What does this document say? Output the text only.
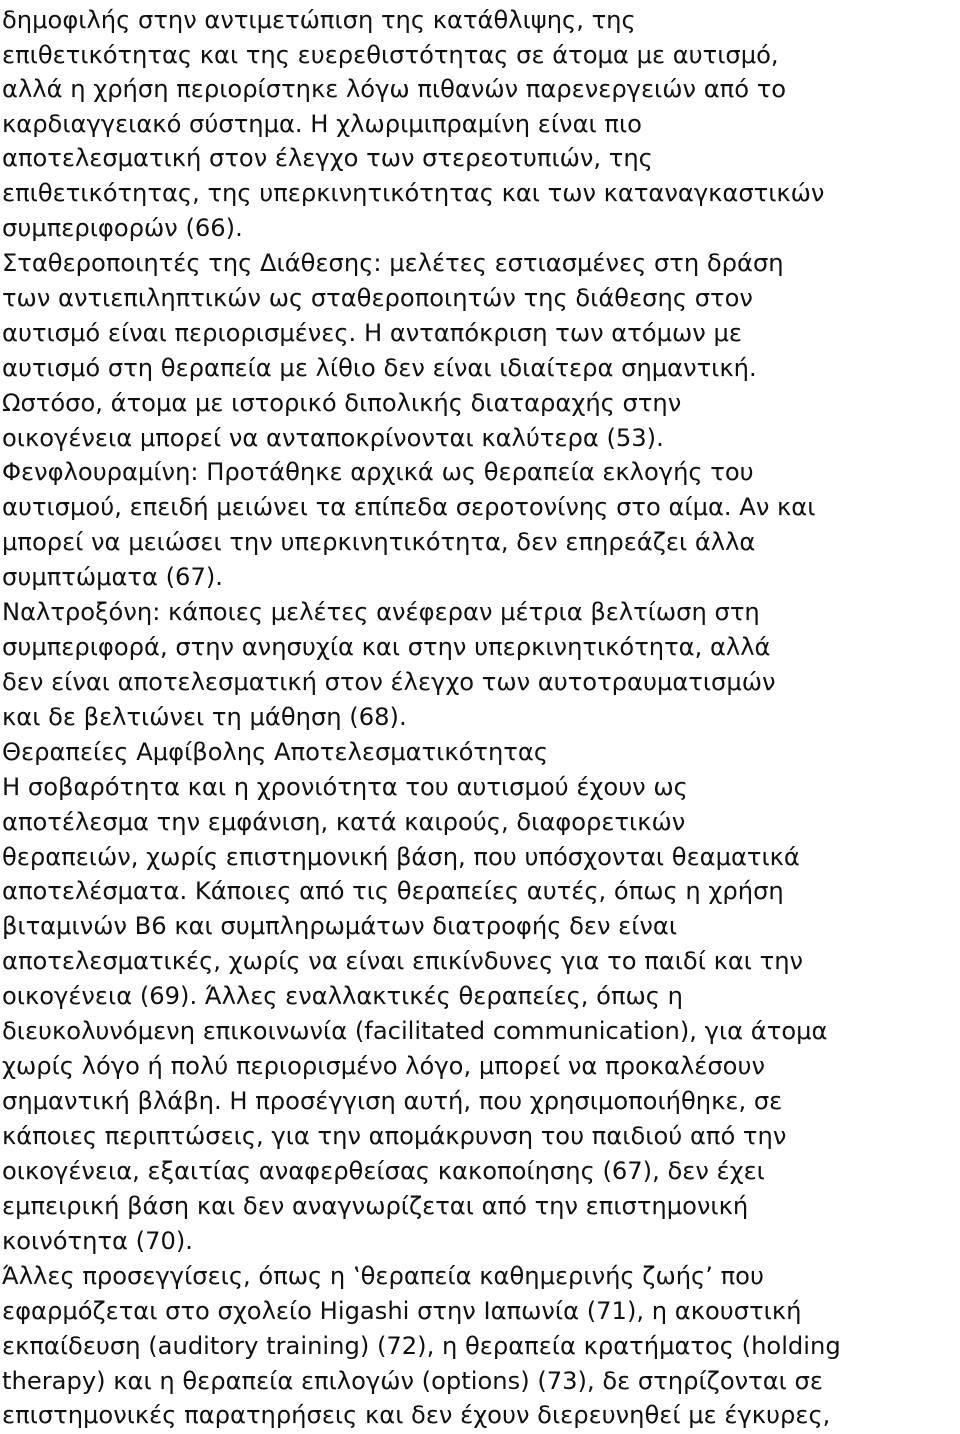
δημοφιλής στην αντιμετώπιση της κατάθλιψης, της
επιθετικότητας και της ευερεθιστότητας σε άτομα με αυτισμό,
αλλά η χρήση περιορίστηκε λόγω πιθανών παρενεργειών από το
καρδιαγγειακό σύστημα. Η χλωριμιπραμίνη είναι πιο
αποτελεσματική στον έλεγχο των στερεοτυπιών, της
επιθετικότητας, της υπερκινητικότητας και των καταναγκαστικών
συμπεριφορών (66).
Σταθεροποιητές της Διάθεσης: μελέτες εστιασμένες στη δράση
των αντιεπιληπτικών ως σταθεροποιητών της διάθεσης στον
αυτισμό είναι περιορισμένες. Η ανταπόκριση των ατόμων με
αυτισμό στη θεραπεία με λίθιο δεν είναι ιδιαίτερα σημαντική.
Ωστόσο, άτομα με ιστορικό διπολικής διαταραχής στην
οικογένεια μπορεί να ανταποκρίνονται καλύτερα (53).
Φενφλουραμίνη: Προτάθηκε αρχικά ως θεραπεία εκλογής του
αυτισμού, επειδή μειώνει τα επίπεδα σεροτονίνης στο αίμα. Αν και
μπορεί να μειώσει την υπερκινητικότητα, δεν επηρεάζει άλλα
συμπτώματα (67).
Ναλτροξόνη: κάποιες μελέτες ανέφεραν μέτρια βελτίωση στη
συμπεριφορά, στην ανησυχία και στην υπερκινητικότητα, αλλά
δεν είναι αποτελεσματική στον έλεγχο των αυτοτραυματισμών
και δε βελτιώνει τη μάθηση (68).
Θεραπείες Αμφίβολης Αποτελεσματικότητας
Η σοβαρότητα και η χρονιότητα του αυτισμού έχουν ως
αποτέλεσμα την εμφάνιση, κατά καιρούς, διαφορετικών
θεραπειών, χωρίς επιστημονική βάση, που υπόσχονται θεαματικά
αποτελέσματα. Κάποιες από τις θεραπείες αυτές, όπως η χρήση
βιταμινών Β6 και συμπληρωμάτων διατροφής δεν είναι
αποτελεσματικές, χωρίς να είναι επικίνδυνες για το παιδί και την
οικογένεια (69). Άλλες εναλλακτικές θεραπείες, όπως η
διευκολυνόμενη επικοινωνία (facilitated communication), για άτομα
χωρίς λόγο ή πολύ περιορισμένο λόγο, μπορεί να προκαλέσουν
σημαντική βλάβη. Η προσέγγιση αυτή, που χρησιμοποιήθηκε, σε
κάποιες περιπτώσεις, για την απομάκρυνση του παιδιού από την
οικογένεια, εξαιτίας αναφερθείσας κακοποίησης (67), δεν έχει
εμπειρική βάση και δεν αναγνωρίζεται από την επιστημονική
κοινότητα (70).
Άλλες προσεγγίσεις, όπως η ‛θεραπεία καθημερινής ζωής’ που
εφαρμόζεται στο σχολείο Higashi στην Ιαπωνία (71), η ακουστική
εκπαίδευση (auditory training) (72), η θεραπεία κρατήματος (holding
therapy) και η θεραπεία επιλογών (options) (73), δε στηρίζονται σε
επιστημονικές παρατηρήσεις και δεν έχουν διερευνηθεί με έγκυρες,
